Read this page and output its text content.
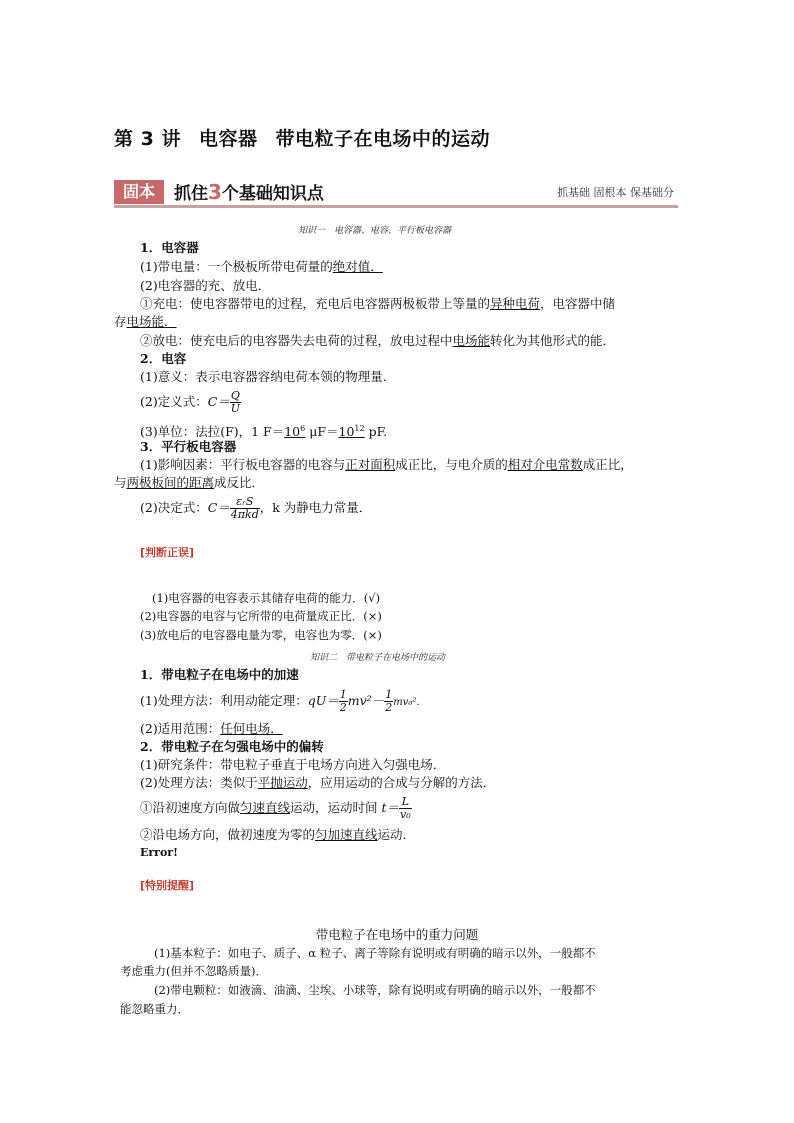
第 3 讲 电容器 带电粒子在电场中的运动
固本	抓住3个基础知识点	抓基础 固根本 保基础分
知识一　电容器、电容、平行板电容器
1．电容器
(1)带电量：一个极板所带电荷量的绝对值．
(2)电容器的充、放电．
①充电：使电容器带电的过程，充电后电容器两极板带上等量的异种电荷，电容器中储
存电场能．
②放电：使充电后的电容器失去电荷的过程，放电过程中电场能转化为其他形式的能．
2．电容
(1)意义：表示电容器容纳电荷本领的物理量．
(2)定义式：$C= \frac{Q}{U}$
(3)单位：法拉(F)，1 $F=10^6$ $\mu F=10^{12}$ pF.
3．平行板电容器
(1)影响因素：平行板电容器的电容与正对面积成正比，与电介质的相对介电常数成正比，
与两极板间的距离成反比．
(2)决定式：$C= \frac{\text{εᵣS}}{\text{4πkd}}$ ，k 为静电力常量．
[判断正误]
(1)电容器的电容表示其储存电荷的能力．(√)
(2)电容器的电容与它所带的电荷量成正比．(×)
(3)放电后的电容器电量为零，电容也为零．(×)
知识二　带电粒子在电场中的运动
1．带电粒子在电场中的加速
(1)处理方法：利用动能定理：$qU= \frac{1}{2} mv^2- \frac{1}{2} mv_0^2$.
(2)适用范围：任何电场．
2．带电粒子在匀强电场中的偏转
(1)研究条件：带电粒子垂直于电场方向进入匀强电场．
(2)处理方法：类似于平抛运动，应用运动的合成与分解的方法．
①沿初速度方向做匀速直线运动，运动时间 $t= \frac{L}{\text{v₀}}$
②沿电场方向，做初速度为零的匀加速直线运动．
Error!
[特别提醒]
带电粒子在电场中的重力问题
(1)基本粒子：如电子、质子、α 粒子、离子等除有说明或有明确的暗示以外，一般都不
考虑重力(但并不忽略质量)．
(2)带电颗粒：如液滴、油滴、尘埃、小球等，除有说明或有明确的暗示以外，一般都不
能忽略重力．
